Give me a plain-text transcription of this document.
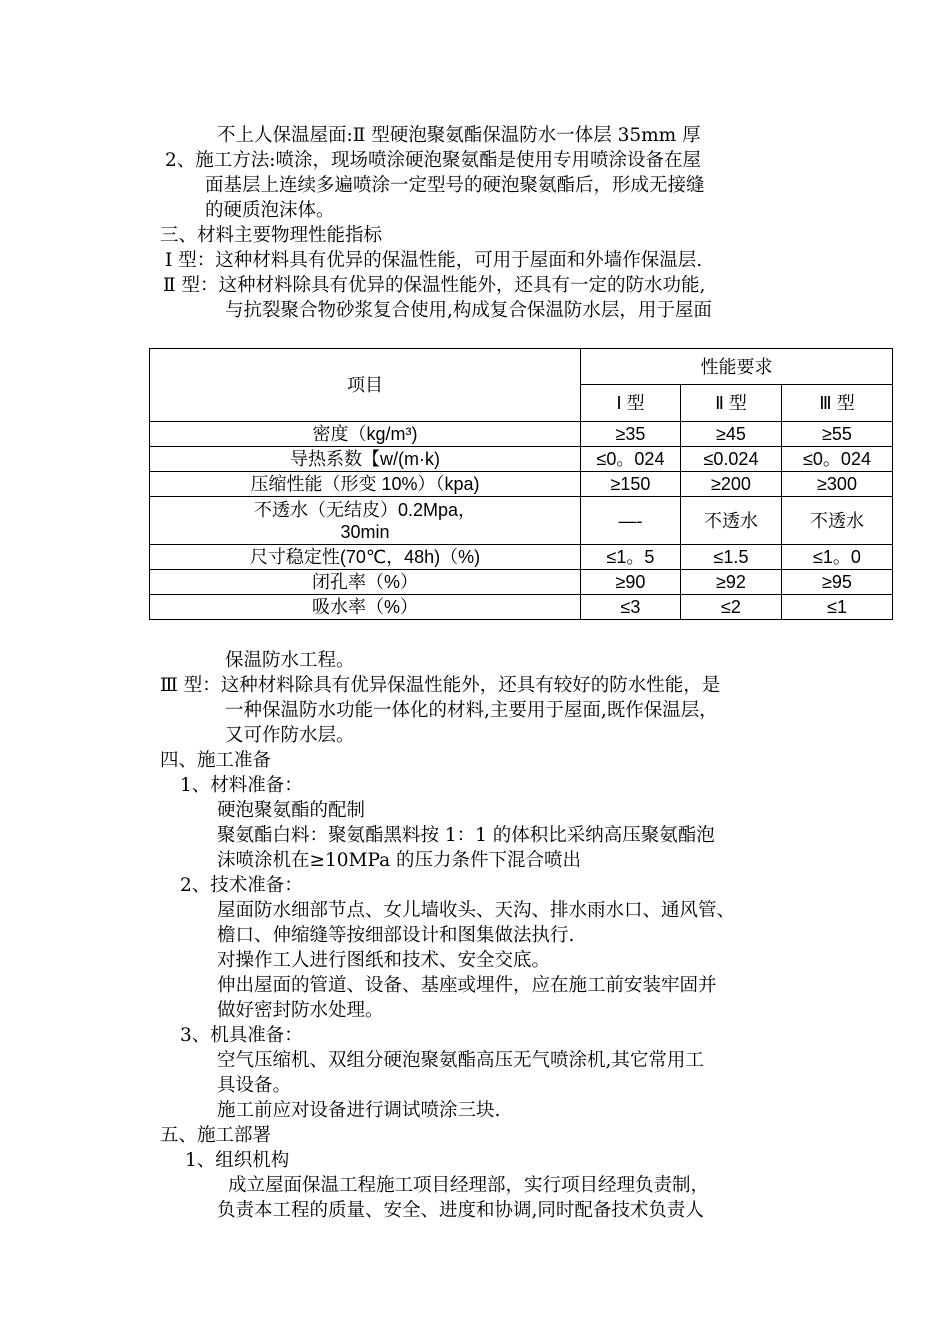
不上人保温屋面:Ⅱ 型硬泡聚氨酯保温防水一体层 35mm 厚
2、施工方法:喷涂，现场喷涂硬泡聚氨酯是使用专用喷涂设备在屋
面基层上连续多遍喷涂一定型号的硬泡聚氨酯后，形成无接缝
的硬质泡沫体。
三、材料主要物理性能指标
Ⅰ 型：这种材料具有优异的保温性能，可用于屋面和外墙作保温层.
Ⅱ 型：这种材料除具有优异的保温性能外，还具有一定的防水功能,
与抗裂聚合物砂浆复合使用,构成复合保温防水层，用于屋面
项目	性能要求		
	Ⅰ 型	Ⅱ 型	Ⅲ 型
密度（kg/m³)	≥35	≥45	≥55
导热系数【w/(m·k)	≤0。024	≤0.024	≤0。024
压缩性能（形变 10%）（kpa)	≥150	≥200	≥300

不透水（无结皮）0.2Mpa，
30min	—-	不透水	不透水
尺寸稳定性(70℃，48h)（%)	≤1。5	≤1.5	≤1。0
闭孔率（%）	≥90	≥92	≥95
吸水率（%）	≤3	≤2	≤1
保温防水工程。
Ⅲ 型：这种材料除具有优异保温性能外，还具有较好的防水性能，是
一种保温防水功能一体化的材料,主要用于屋面,既作保温层，
又可作防水层。
四、施工准备
1、材料准备：
硬泡聚氨酯的配制
聚氨酯白料：聚氨酯黑料按 1：1 的体积比采纳高压聚氨酯泡
沫喷涂机在≥10MPa 的压力条件下混合喷出
2、技术准备：
屋面防水细部节点、女儿墙收头、天沟、排水雨水口、通风管、
檐口、伸缩缝等按细部设计和图集做法执行.
对操作工人进行图纸和技术、安全交底。
伸出屋面的管道、设备、基座或埋件，应在施工前安装牢固并
做好密封防水处理。
3、机具准备：
空气压缩机、双组分硬泡聚氨酯高压无气喷涂机,其它常用工
具设备。
施工前应对设备进行调试喷涂三块.
五、施工部署
1、组织机构
成立屋面保温工程施工项目经理部，实行项目经理负责制，
负责本工程的质量、安全、进度和协调,同时配备技术负责人
